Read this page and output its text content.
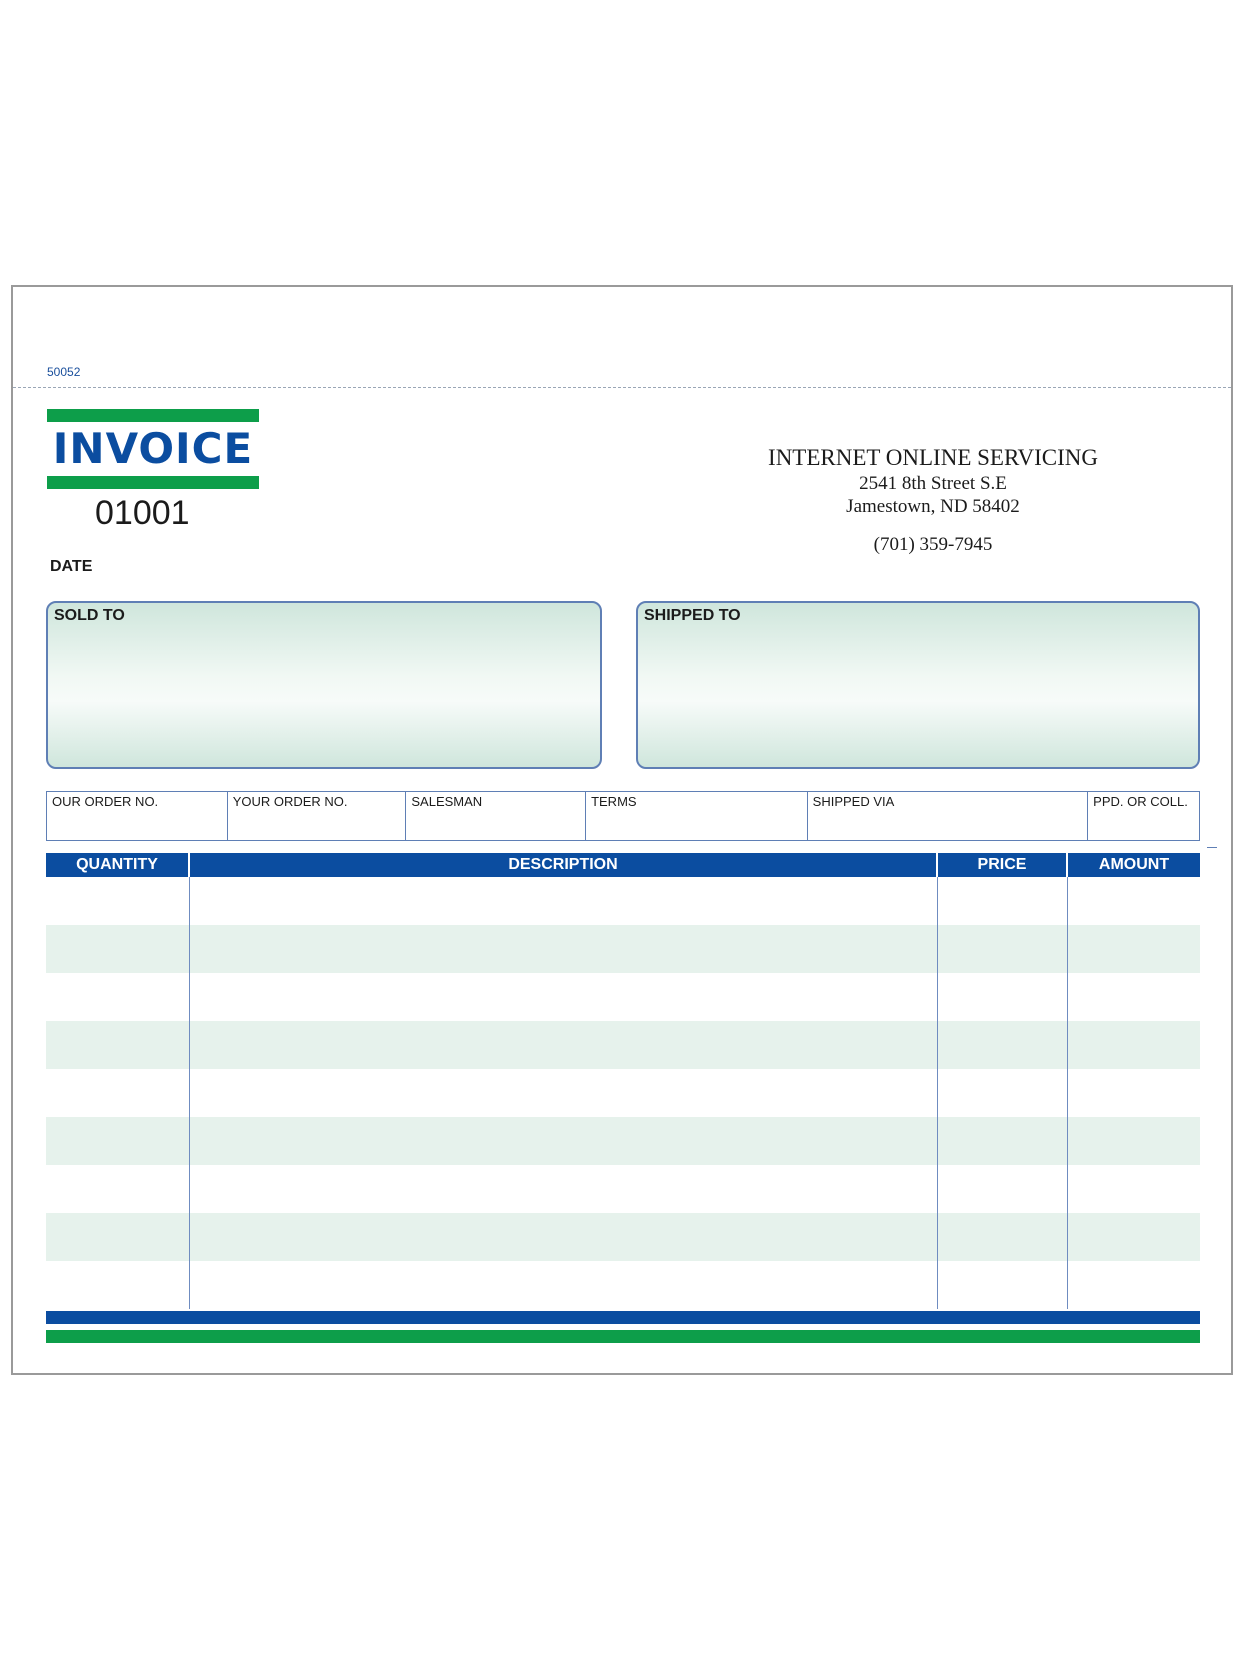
50052
INVOICE
01001
DATE
INTERNET ONLINE SERVICING
2541 8th Street S.E
Jamestown, ND 58402
(701) 359-7945
SOLD TO	SHIPPED TO
OUR ORDER NO.	YOUR ORDER NO.	SALESMAN	TERMS	SHIPPED VIA	PPD. OR COLL.
QUANTITY	DESCRIPTION	PRICE	AMOUNT
